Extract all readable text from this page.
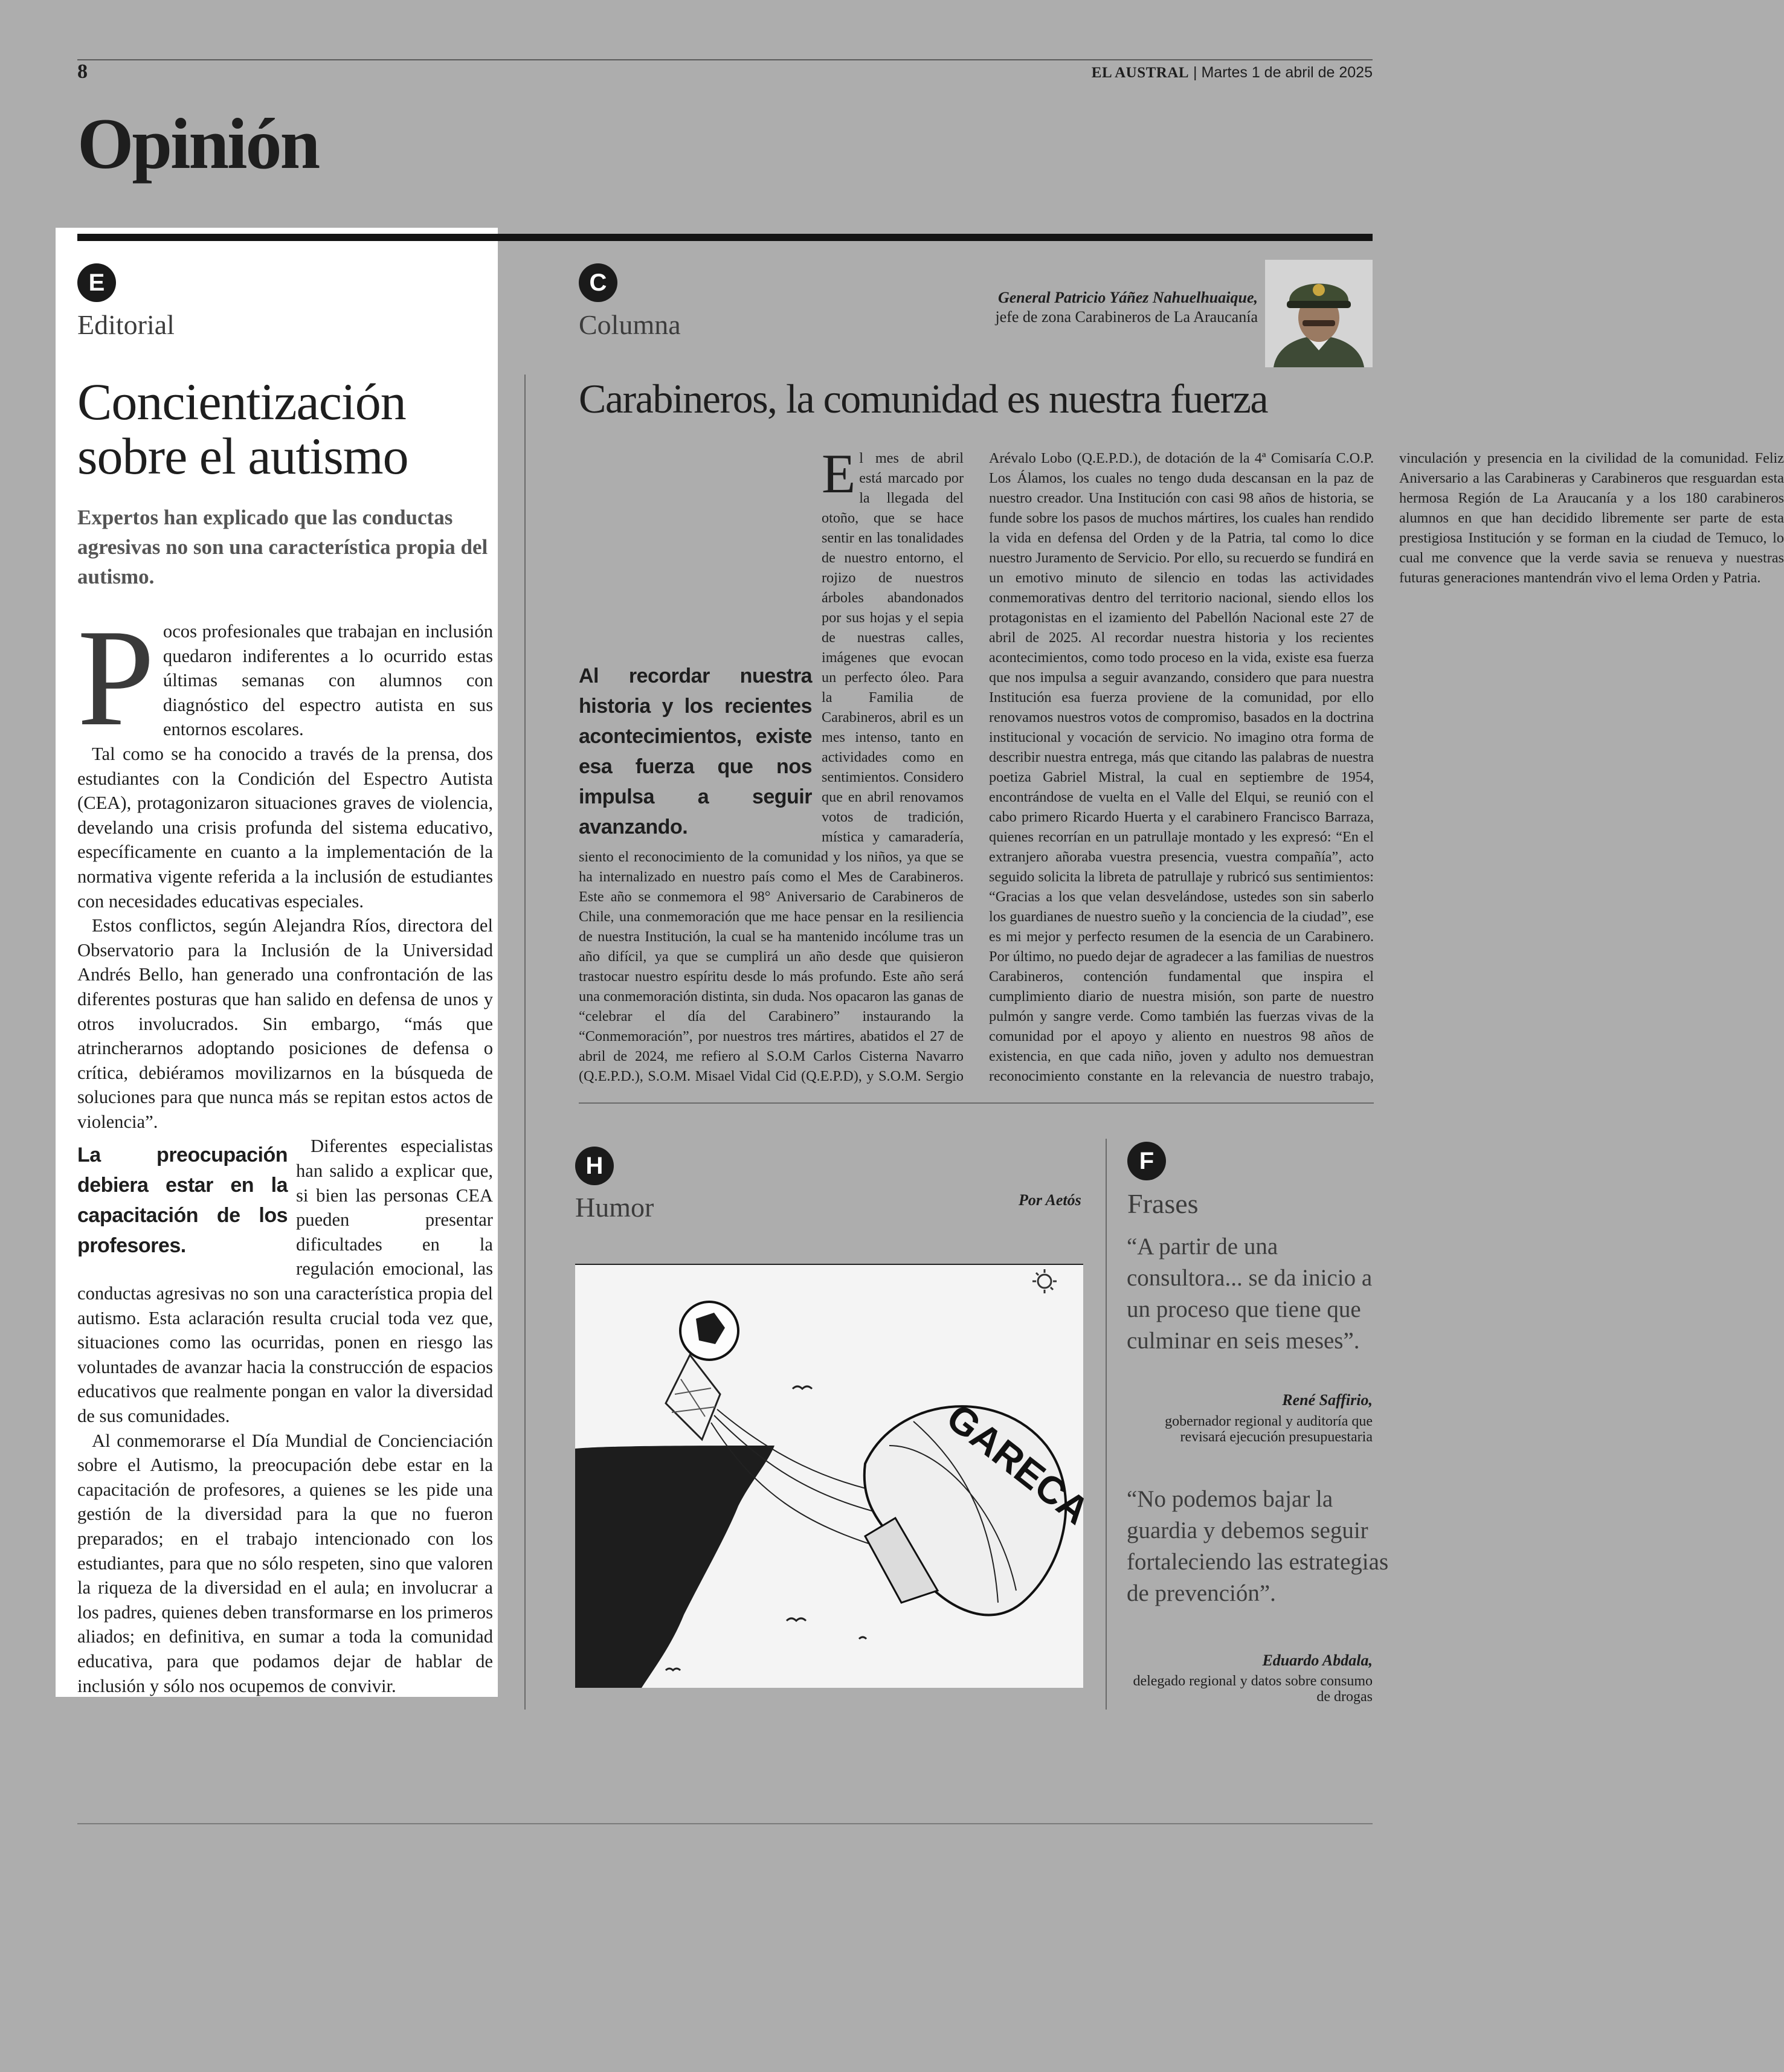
8	EL AUSTRAL | Martes 1 de abril de 2025
Opinión
E
Editorial
Concientización sobre el autismo
Expertos han explicado que las conductas agresivas no son una característica propia del autismo.

Pocos profesionales que trabajan en inclusión quedaron indiferentes a lo ocurrido estas últimas semanas con alumnos con diagnóstico del espectro autista en sus entornos escolares.

Tal como se ha conocido a través de la prensa, dos estudiantes con la Condición del Espectro Autista (CEA), protagonizaron situaciones graves de violencia, develando una crisis profunda del sistema educativo, específicamente en cuanto a la implementación de la normativa vigente referida a la inclusión de estudiantes con necesidades educativas especiales.

Estos conflictos, según Alejandra Ríos, directora del Observatorio para la Inclusión de la Universidad Andrés Bello, han generado una confrontación de las diferentes posturas que han salido en defensa de unos y otros involucrados. Sin embargo, “más que atrincherarnos adoptando posiciones de defensa o crítica, debiéramos movilizarnos en la búsqueda de soluciones para que nunca más se repitan estos actos de violencia”.

La preocupación debiera estar en la capacitación de los profesores.

Diferentes especialistas han salido a explicar que, si bien las personas CEA pueden presentar dificultades en la regulación emocional, las conductas agresivas no son una característica propia del autismo. Esta aclaración resulta crucial toda vez que, situaciones como las ocurridas, ponen en riesgo las voluntades de avanzar hacia la construcción de espacios educativos que realmente pongan en valor la diversidad de sus comunidades.

Al conmemorarse el Día Mundial de Concienciación sobre el Autismo, la preocupación debe estar en la capacitación de profesores, a quienes se les pide una gestión de la diversidad para la que no fueron preparados; en el trabajo intencionado con los estudiantes, para que no sólo respeten, sino que valoren la riqueza de la diversidad en el aula; en involucrar a los padres, quienes deben transformarse en los primeros aliados; en definitiva, en sumar a toda la comunidad educativa, para que podamos dejar de hablar de inclusión y sólo nos ocupemos de convivir.

C
Columna
General Patricio Yáñez Nahuelhuaique,
jefe de zona Carabineros de La Araucanía
Carabineros, la comunidad es nuestra fuerza
Al recordar nuestra historia y los recientes acontecimientos, existe esa fuerza que nos impulsa a seguir avanzando.

El mes de abril está marcado por la llegada del otoño, que se hace sentir en las tonalidades de nuestro entorno, el rojizo de nuestros árboles abandonados por sus hojas y el sepia de nuestras calles, imágenes que evocan un perfecto óleo. Para la Familia de Carabineros, abril es un mes intenso, tanto en actividades como en sentimientos. Considero que en abril renovamos votos de tradición, mística y camaradería, siento el reconocimiento de la comunidad y los niños, ya que se ha internalizado en nuestro país como el Mes de Carabineros. Este año se conmemora el 98° Aniversario de Carabineros de Chile, una conmemoración que me hace pensar en la resiliencia de nuestra Institución, la cual se ha mantenido incólume tras un año difícil, ya que se cumplirá un año desde que quisieron trastocar nuestro espíritu desde lo más profundo. Este año será una conmemoración distinta, sin duda. Nos opacaron las ganas de “celebrar el día del Carabinero” instaurando la “Conmemoración”, por nuestros tres mártires, abatidos el 27 de abril de 2024, me refiero al S.O.M Carlos Cisterna Navarro (Q.E.P.D.), S.O.M. Misael Vidal Cid (Q.E.P.D), y S.O.M. Sergio Arévalo Lobo (Q.E.P.D.), de dotación de la 4ª Comisaría C.O.P. Los Álamos, los cuales no tengo duda descansan en la paz de nuestro creador. Una Institución con casi 98 años de historia, se funde sobre los pasos de muchos mártires, los cuales han rendido la vida en defensa del Orden y de la Patria, tal como lo dice nuestro Juramento de Servicio. Por ello, su recuerdo se fundirá en un emotivo minuto de silencio en todas las actividades conmemorativas dentro del territorio nacional, siendo ellos los protagonistas en el izamiento del Pabellón Nacional este 27 de abril de 2025. Al recordar nuestra historia y los recientes acontecimientos, como todo proceso en la vida, existe esa fuerza que nos impulsa a seguir avanzando, considero que para nuestra Institución esa fuerza proviene de la comunidad, por ello renovamos nuestros votos de compromiso, basados en la doctrina institucional y vocación de servicio. No imagino otra forma de describir nuestra entrega, más que citando las palabras de nuestra poetiza Gabriel Mistral, la cual en septiembre de 1954, encontrándose de vuelta en el Valle del Elqui, se reunió con el cabo primero Ricardo Huerta y el carabinero Francisco Barraza, quienes recorrían en un patrullaje montado y les expresó: “En el extranjero añoraba vuestra presencia, vuestra compañía”, acto seguido solicita la libreta de patrullaje y rubricó sus sentimientos: “Gracias a los que velan desvelándose, ustedes son sin saberlo los guardianes de nuestro sueño y la conciencia de la ciudad”, ese es mi mejor y perfecto resumen de la esencia de un Carabinero. Por último, no puedo dejar de agradecer a las familias de nuestros Carabineros, contención fundamental que inspira el cumplimiento diario de nuestra misión, son parte de nuestro pulmón y sangre verde. Como también las fuerzas vivas de la comunidad por el apoyo y aliento en nuestros 98 años de existencia, en que cada niño, joven y adulto nos demuestran reconocimiento constante en la relevancia de nuestro trabajo, vinculación y presencia en la civilidad de la comunidad. Feliz Aniversario a las Carabineras y Carabineros que resguardan esta hermosa Región de La Araucanía y a los 180 carabineros alumnos en que han decidido libremente ser parte de esta prestigiosa Institución y se forman en la ciudad de Temuco, lo cual me convence que la verde savia se renueva y nuestras futuras generaciones mantendrán vivo el lema Orden y Patria.

H
Humor	Por Aetós
GARECA
F
Frases
“A partir de una consultora... se da inicio a un proceso que tiene que culminar en seis meses”.
René Saffirio,
gobernador regional y auditoría que revisará ejecución presupuestaria
“No podemos bajar la guardia y debemos seguir fortaleciendo las estrategias de prevención”.
Eduardo Abdala,
delegado regional y datos sobre consumo de drogas
